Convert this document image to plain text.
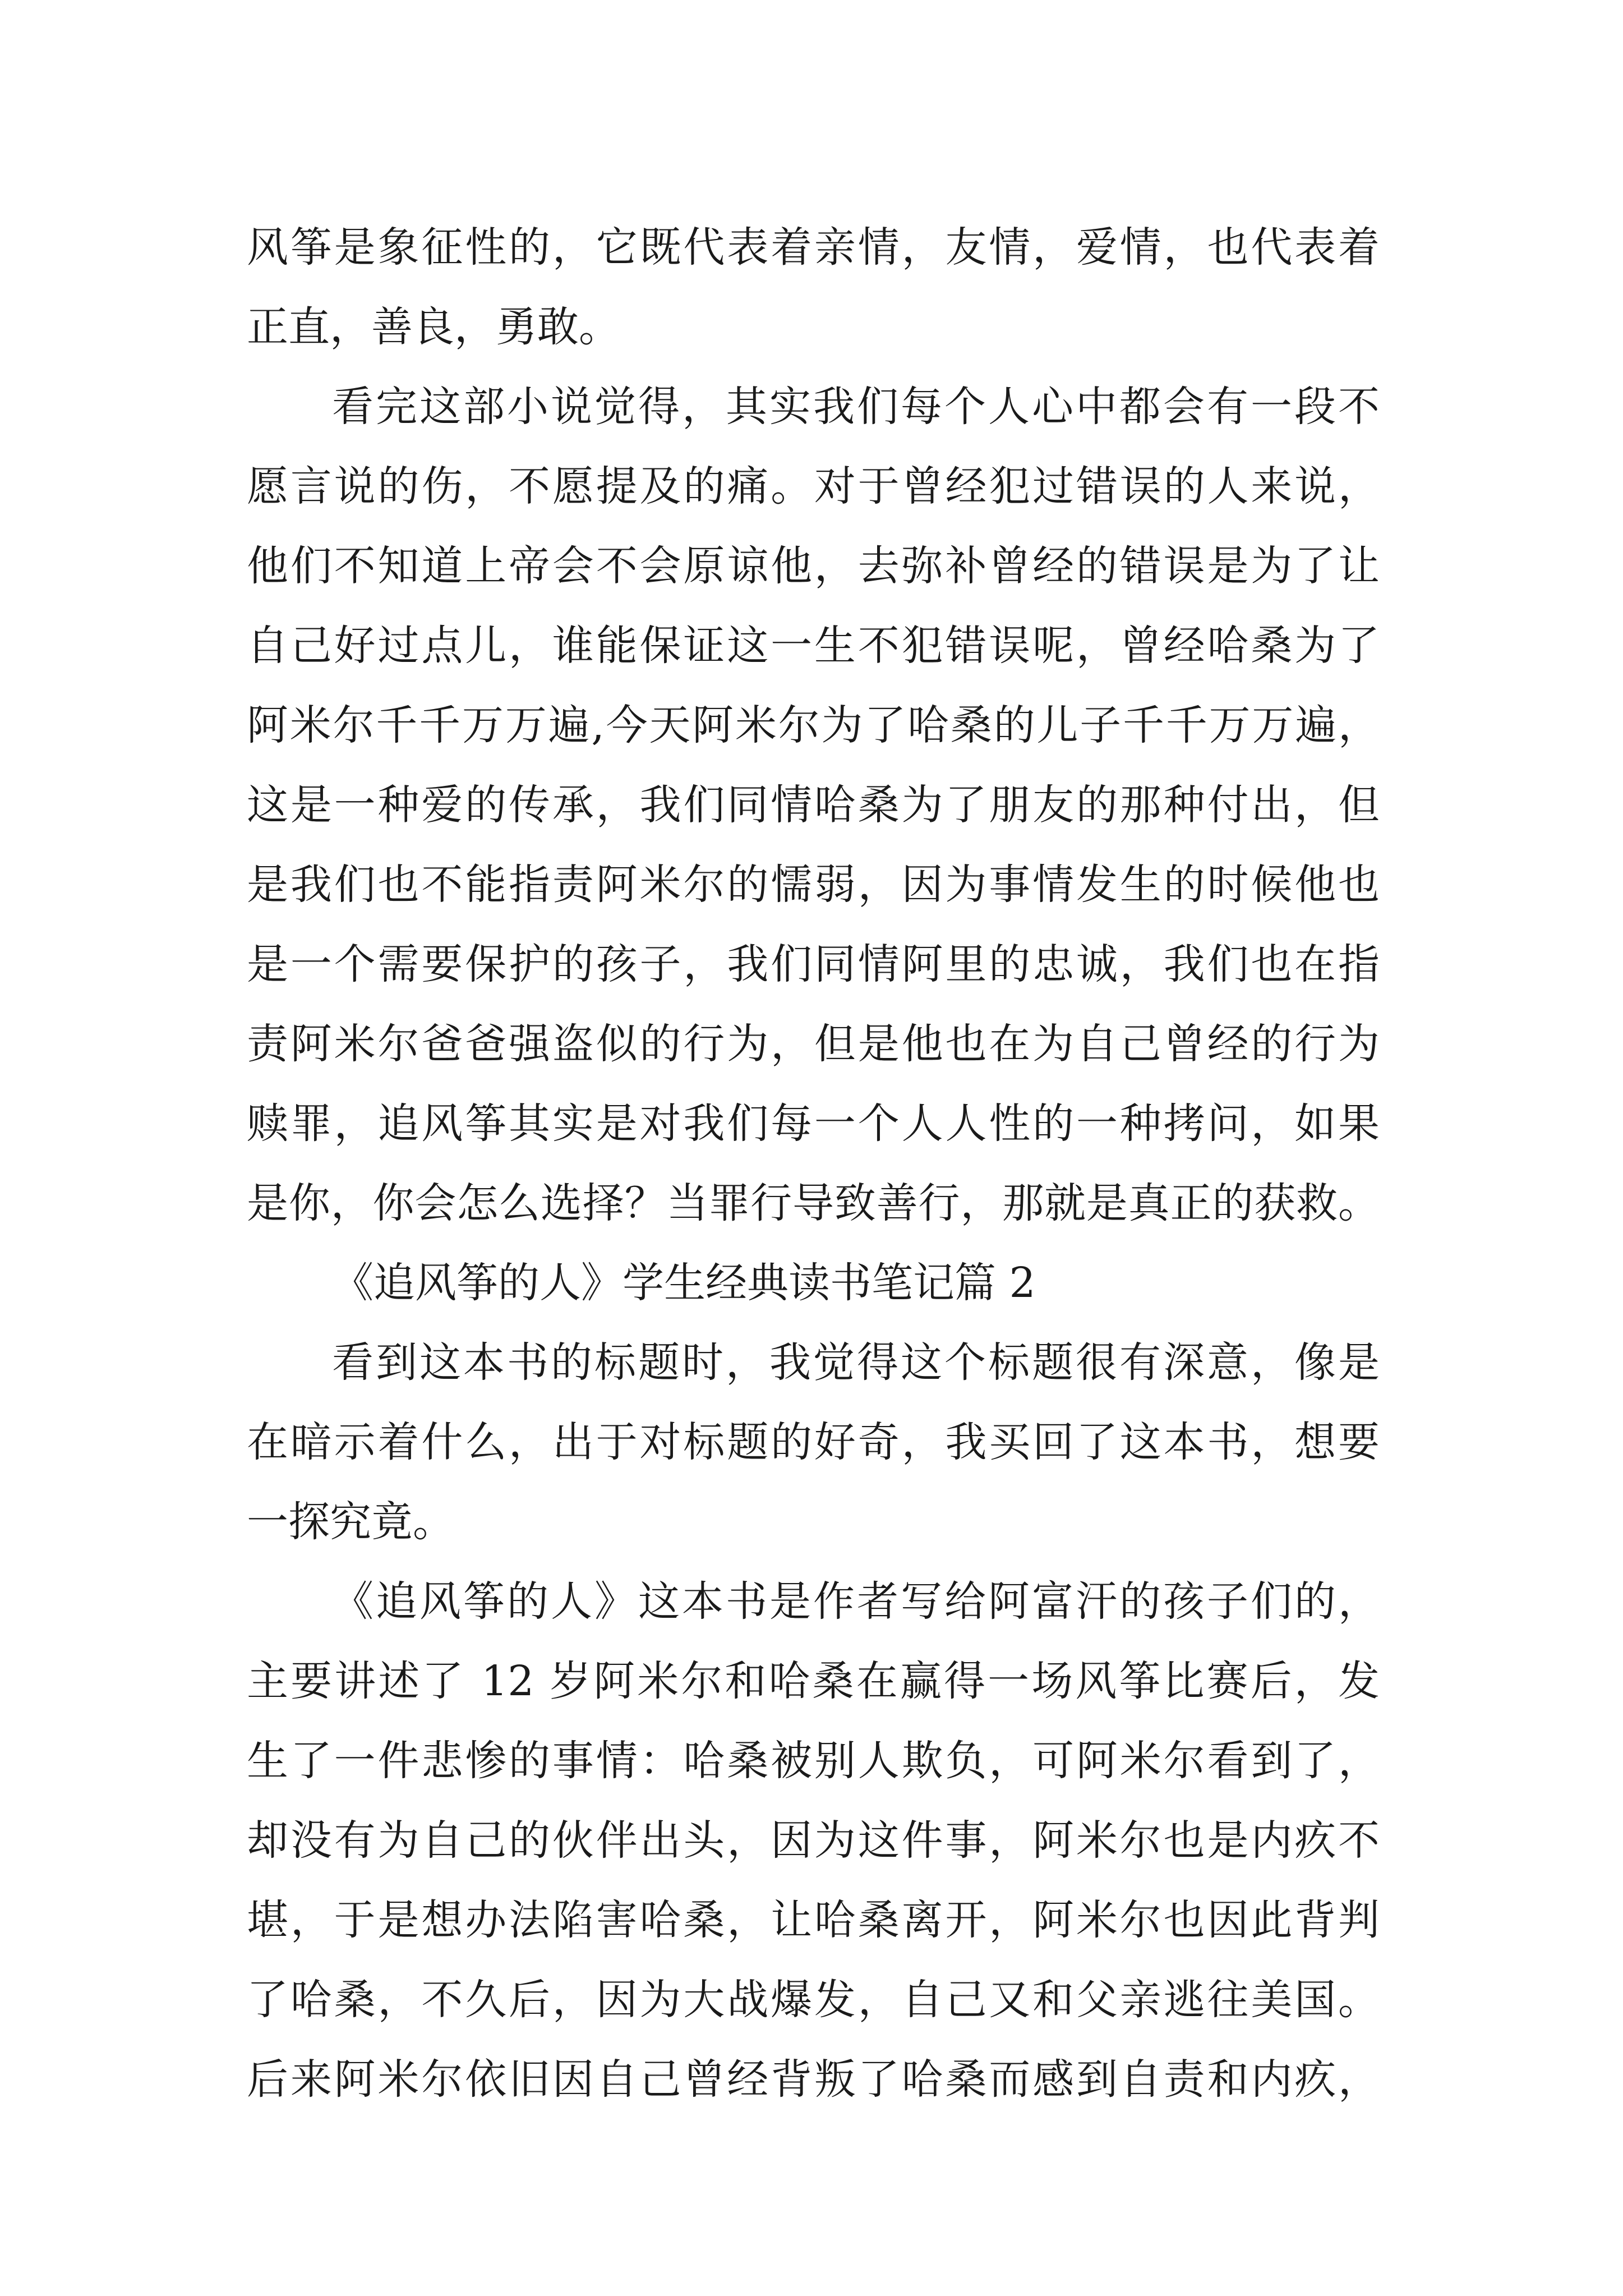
风筝是象征性的，它既代表着亲情，友情，爱情，也代表着
正直，善良，勇敢。
看完这部小说觉得，其实我们每个人心中都会有一段不
愿言说的伤，不愿提及的痛。对于曾经犯过错误的人来说，
他们不知道上帝会不会原谅他，去弥补曾经的错误是为了让
自己好过点儿，谁能保证这一生不犯错误呢，曾经哈桑为了
阿米尔千千万万遍,今天阿米尔为了哈桑的儿子千千万万遍，
这是一种爱的传承，我们同情哈桑为了朋友的那种付出，但
是我们也不能指责阿米尔的懦弱，因为事情发生的时候他也
是一个需要保护的孩子，我们同情阿里的忠诚，我们也在指
责阿米尔爸爸强盗似的行为，但是他也在为自己曾经的行为
赎罪，追风筝其实是对我们每一个人人性的一种拷问，如果
是你，你会怎么选择？当罪行导致善行，那就是真正的获救。
《追风筝的人》学生经典读书笔记篇 2
看到这本书的标题时，我觉得这个标题很有深意，像是
在暗示着什么，出于对标题的好奇，我买回了这本书，想要
一探究竟。
《追风筝的人》这本书是作者写给阿富汗的孩子们的，
主要讲述了 12 岁阿米尔和哈桑在赢得一场风筝比赛后，发
生了一件悲惨的事情：哈桑被别人欺负，可阿米尔看到了，
却没有为自己的伙伴出头，因为这件事，阿米尔也是内疚不
堪，于是想办法陷害哈桑，让哈桑离开，阿米尔也因此背判
了哈桑，不久后，因为大战爆发，自己又和父亲逃往美国。
后来阿米尔依旧因自己曾经背叛了哈桑而感到自责和内疚，
